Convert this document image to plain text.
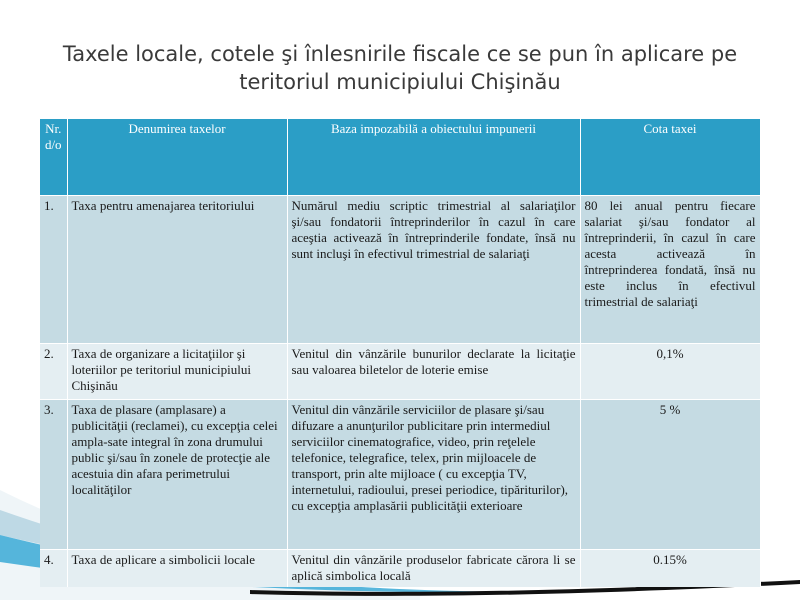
Taxele locale, cotele şi înlesnirile fiscale ce se pun în aplicare pe teritoriul municipiului Chişinău
Nr.d/o	Denumirea taxelor	Baza impozabilă a obiectului impunerii	Cota taxei
1.	Taxa pentru amenajarea teritoriului	Numărul mediu scriptic trimestrial al salariaţilor şi/sau fondatorii întreprinderilor în cazul în care aceştia activează în întreprinderile fondate, însă nu sunt incluşi în efectivul trimestrial de salariaţi	80 lei anual pentru fiecare salariat şi/sau fondator al întreprinderii, în cazul în care acesta activează în întreprinderea fondată, însă nu este inclus în efectivul trimestrial de salariaţi
2.	Taxa de organizare a licitaţiilor şi loteriilor pe teritoriul municipiului Chişinău	Venitul din vânzările bunurilor declarate la licitaţie sau valoarea biletelor de loterie emise	0,1%
3.	Taxa de plasare (amplasare) a publicităţii (reclamei), cu excepţia celei ampla-sate integral în zona drumului public şi/sau în zonele de protecţie ale acestuia din afara perimetrului localităţilor	Venitul din vânzările serviciilor de plasare şi/sau difuzare a anunţurilor publicitare prin intermediul serviciilor cinematografice, video, prin reţelele telefonice, telegrafice, telex, prin mijloacele de transport, prin alte mijloace ( cu excepţia TV, internetului, radioului, presei periodice, tipăriturilor), cu excepţia amplasării publicităţii exterioare	5 %
4.	Taxa de aplicare a simbolicii locale	Venitul din vânzările produselor fabricate cărora li se aplică simbolica locală	0.15%
